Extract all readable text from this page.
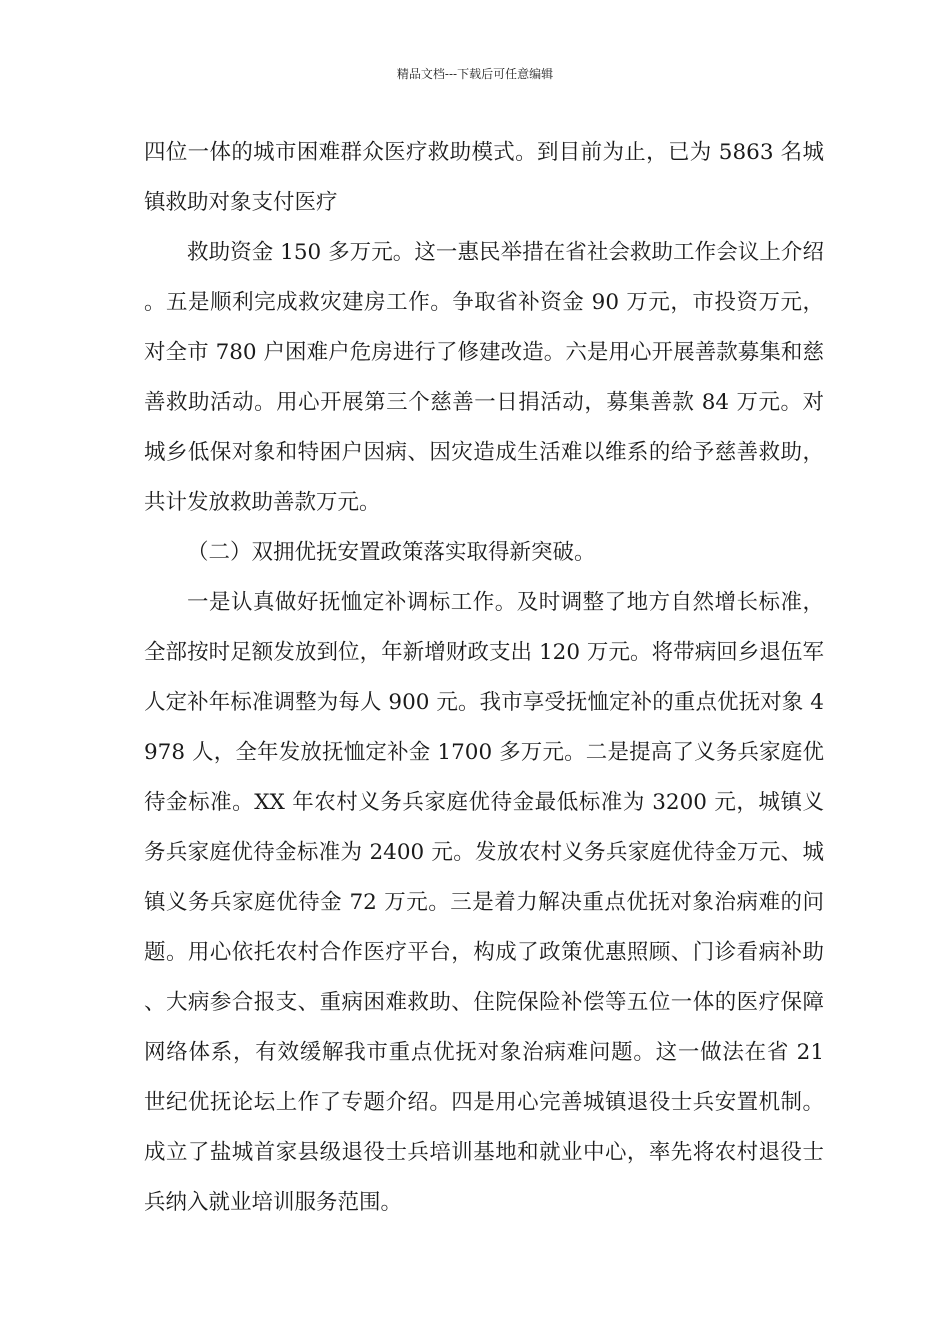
精品文档---下载后可任意编辑

四位一体的城市困难群众医疗救助模式。到目前为止，已为 5863 名城镇救助对象支付医疗

救助资金 150 多万元。这一惠民举措在省社会救助工作会议上介绍。五是顺利完成救灾建房工作。争取省补资金 90 万元，市投资万元，对全市 780 户困难户危房进行了修建改造。六是用心开展善款募集和慈善救助活动。用心开展第三个慈善一日捐活动，募集善款 84 万元。对城乡低保对象和特困户因病、因灾造成生活难以维系的给予慈善救助，共计发放救助善款万元。

（二）双拥优抚安置政策落实取得新突破。

一是认真做好抚恤定补调标工作。及时调整了地方自然增长标准，全部按时足额发放到位，年新增财政支出 120 万元。将带病回乡退伍军人定补年标准调整为每人 900 元。我市享受抚恤定补的重点优抚对象 4978 人，全年发放抚恤定补金 1700 多万元。二是提高了义务兵家庭优待金标准。XX 年农村义务兵家庭优待金最低标准为 3200 元，城镇义务兵家庭优待金标准为 2400 元。发放农村义务兵家庭优待金万元、城镇义务兵家庭优待金 72 万元。三是着力解决重点优抚对象治病难的问题。用心依托农村合作医疗平台，构成了政策优惠照顾、门诊看病补助、大病参合报支、重病困难救助、住院保险补偿等五位一体的医疗保障网络体系，有效缓解我市重点优抚对象治病难问题。这一做法在省 21 世纪优抚论坛上作了专题介绍。四是用心完善城镇退役士兵安置机制。成立了盐城首家县级退役士兵培训基地和就业中心，率先将农村退役士兵纳入就业培训服务范围。
